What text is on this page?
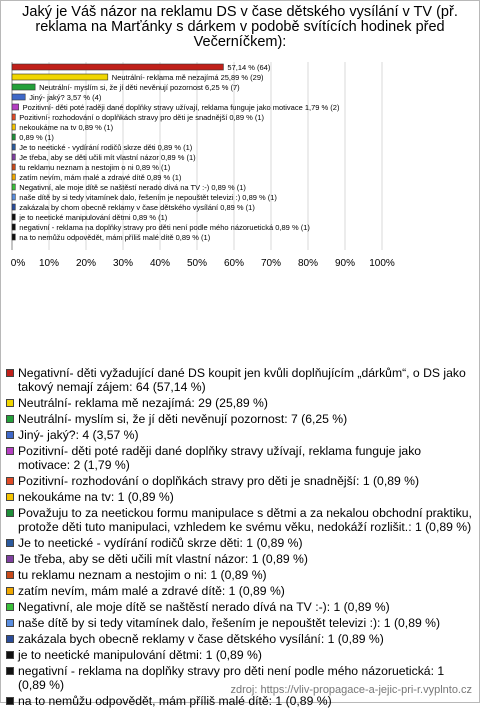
Jaký je Váš názor na reklamu DS v čase dětského vysílání v TV (př. reklama na Marťánky s dárkem v podobě svítících hodinek před Večerníčkem):
0% 10% 20% 30% 40% 50% 60% 70% 80% 90% 100%
57,14 % (64)
Neutrální- reklama mě nezajímá 25,89 % (29)
Neutrální- myslím si, že jí děti nevěnují pozornost 6,25 % (7)
Jiný- jaký? 3,57 % (4)
Pozitivní- děti poté raději dané doplňky stravy užívají, reklama funguje jako motivace 1,79 % (2)
Pozitivní- rozhodování o doplňkách stravy pro děti je snadnější 0,89 % (1)
nekoukáme na tv 0,89 % (1)
0,89 % (1)
Je to neetické - vydírání rodičů skrze děti 0,89 % (1)
Je třeba, aby se děti učili mít vlastní názor 0,89 % (1)
tu reklamu neznam a nestojim o ni 0,89 % (1)
zatím nevím, mám malé a zdravé dítě 0,89 % (1)
Negativní, ale moje dítě se naštěstí neradо dívá na TV :-) 0,89 % (1)
naše dítě by si tedy vitamínek dalo, řešením je nepouštět televizi :) 0,89 % (1)
zakázala by chom obecně reklamy v čase dětského vysílání 0,89 % (1)
je to neetické manipulování dětmi 0,89 % (1)
negativní - reklama na doplňky stravy pro děti není podle mého názoruetická 0,89 % (1)
na to nemůžu odpovědět, mám příliš malé dítě 0,89 % (1)
Negativní- děti vyžadující dané DS koupit jen kvůli doplňujícím „dárkům“, o DS jako takový nemají zájem: 64 (57,14 %)
Neutrální- reklama mě nezajímá: 29 (25,89 %)
Neutrální- myslím si, že jí děti nevěnují pozornost: 7 (6,25 %)
Jiný- jaký?: 4 (3,57 %)
Pozitivní- děti poté raději dané doplňky stravy užívají, reklama funguje jako motivace: 2 (1,79 %)
Pozitivní- rozhodování o doplňkách stravy pro děti je snadnější: 1 (0,89 %)
nekoukáme na tv: 1 (0,89 %)
Považuju to za neetickou formu manipulace s dětmi a za nekalou obchodní praktiku, protože děti tuto manipulaci, vzhledem ke svému věku, nedokáží rozlišit.: 1 (0,89 %)
Je to neetické - vydírání rodičů skrze děti: 1 (0,89 %)
Je třeba, aby se děti učili mít vlastní názor: 1 (0,89 %)
tu reklamu neznam a nestojim o ni: 1 (0,89 %)
zatím nevím, mám malé a zdravé dítě: 1 (0,89 %)
Negativní, ale moje dítě se naštěstí nerado dívá na TV :-): 1 (0,89 %)
naše dítě by si tedy vitamínek dalo, řešením je nepouštět televizi :): 1 (0,89 %)
zakázala bych obecně reklamy v čase dětského vysílání: 1 (0,89 %)
je to neetické manipulování dětmi: 1 (0,89 %)
negativní - reklama na doplňky stravy pro děti není podle mého názoruetická: 1 (0,89 %)
na to nemůžu odpovědět, mám příliš malé dítě: 1 (0,89 %)
zdroj: https://vliv-propagace-a-jejic-pri-r.vyplnto.cz
